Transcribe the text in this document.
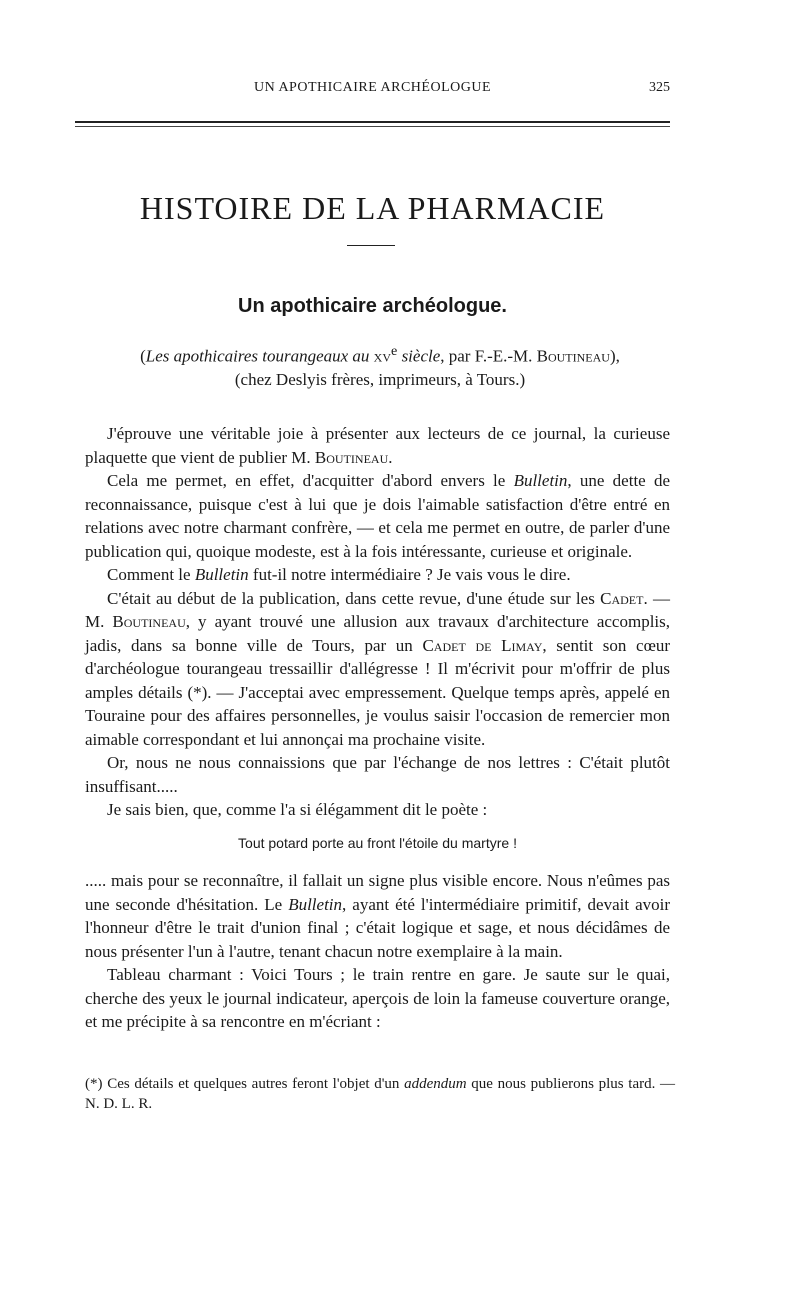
UN APOTHICAIRE ARCHÉOLOGUE	325
HISTOIRE DE LA PHARMACIE
Un apothicaire archéologue.
(Les apothicaires tourangeaux au $xv^e$ siècle, par F.-E.-M. Boutineau),
(chez Deslyis frères, imprimeurs, à Tours.)

J'éprouve une véritable joie à présenter aux lecteurs de ce journal, la curieuse plaquette que vient de publier M. Boutineau.

Cela me permet, en effet, d'acquitter d'abord envers le Bulletin, une dette de reconnaissance, puisque c'est à lui que je dois l'aimable satisfaction d'être entré en relations avec notre charmant confrère, — et cela me permet en outre, de parler d'une publication qui, quoique modeste, est à la fois intéressante, curieuse et originale.

Comment le Bulletin fut-il notre intermédiaire ? Je vais vous le dire.

C'était au début de la publication, dans cette revue, d'une étude sur les Cadet. — M. Boutineau, y ayant trouvé une allusion aux travaux d'architecture accomplis, jadis, dans sa bonne ville de Tours, par un Cadet de Limay, sentit son cœur d'archéologue tourangeau tressaillir d'allégresse ! Il m'écrivit pour m'offrir de plus amples détails (*). — J'acceptai avec empressement. Quelque temps après, appelé en Touraine pour des affaires personnelles, je voulus saisir l'occasion de remercier mon aimable correspondant et lui annonçai ma prochaine visite.

Or, nous ne nous connaissions que par l'échange de nos lettres : C'était plutôt insuffisant.....

Je sais bien, que, comme l'a si élégamment dit le poète :

Tout potard porte au front l'étoile du martyre !

..... mais pour se reconnaître, il fallait un signe plus visible encore. Nous n'eûmes pas une seconde d'hésitation. Le Bulletin, ayant été l'intermédiaire primitif, devait avoir l'honneur d'être le trait d'union final ; c'était logique et sage, et nous décidâmes de nous présenter l'un à l'autre, tenant chacun notre exemplaire à la main.

Tableau charmant : Voici Tours ; le train rentre en gare. Je saute sur le quai, cherche des yeux le journal indicateur, aperçois de loin la fameuse couverture orange, et me précipite à sa rencontre en m'écriant :

(*) Ces détails et quelques autres feront l'objet d'un addendum que nous publierons plus tard. — N. D. L. R.
